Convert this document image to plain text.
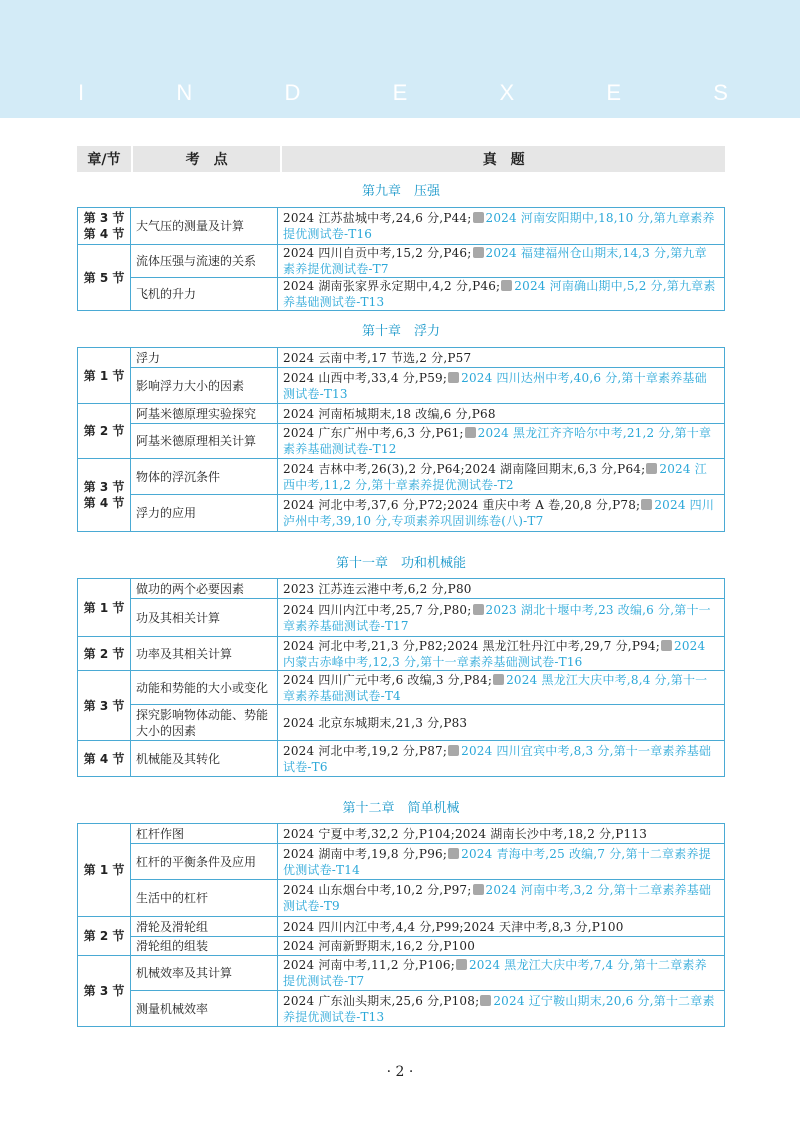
I	N	D	E	X	E	S
章/节	考　点	真　题
第九章　压强
第 3 节
第 4 节	大气压的测量及计算	2024 江苏盐城中考,24,6 分,P44; 2024 河南安阳期中,18,10 分,第九章素养提优测试卷-T16

第 5 节	流体压强与流速的关系	2024 四川自贡中考,15,2 分,P46; 2024 福建福州仓山期末,14,3 分,第九章素养提优测试卷-T7
	飞机的升力	2024 湖南张家界永定期中,4,2 分,P46; 2024 河南确山期中,5,2 分,第九章素养基础测试卷-T13
第十章　浮力
第 1 节	浮力	2024 云南中考,17 节选,2 分,P57
	影响浮力大小的因素	2024 山西中考,33,4 分,P59; 2024 四川达州中考,40,6 分,第十章素养基础测试卷-T13

第 2 节	阿基米德原理实验探究	2024 河南柘城期末,18 改编,6 分,P68
	阿基米德原理相关计算	2024 广东广州中考,6,3 分,P61; 2024 黑龙江齐齐哈尔中考,21,2 分,第十章素养基础测试卷-T12

第 3 节
第 4 节	物体的浮沉条件	2024 吉林中考,26(3),2 分,P64;2024 湖南隆回期末,6,3 分,P64; 2024 江西中考,11,2 分,第十章素养提优测试卷-T2
	浮力的应用	2024 河北中考,37,6 分,P72;2024 重庆中考 A 卷,20,8 分,P78; 2024 四川泸州中考,39,10 分,专项素养巩固训练卷(八)-T7
第十一章　功和机械能
第 1 节	做功的两个必要因素	2023 江苏连云港中考,6,2 分,P80
	功及其相关计算	2024 四川内江中考,25,7 分,P80; 2023 湖北十堰中考,23 改编,6 分,第十一章素养基础测试卷-T17

第 2 节	功率及其相关计算	2024 河北中考,21,3 分,P82;2024 黑龙江牡丹江中考,29,7 分,P94; 2024 内蒙古赤峰中考,12,3 分,第十一章素养基础测试卷-T16

第 3 节	动能和势能的大小或变化	2024 四川广元中考,6 改编,3 分,P84; 2024 黑龙江大庆中考,8,4 分,第十一章素养基础测试卷-T4
	探究影响物体动能、势能大小的因素	2024 北京东城期末,21,3 分,P83

第 4 节	机械能及其转化	2024 河北中考,19,2 分,P87; 2024 四川宜宾中考,8,3 分,第十一章素养基础试卷-T6
第十二章　简单机械
第 1 节	杠杆作图	2024 宁夏中考,32,2 分,P104;2024 湖南长沙中考,18,2 分,P113
	杠杆的平衡条件及应用	2024 湖南中考,19,8 分,P96; 2024 青海中考,25 改编,7 分,第十二章素养提优测试卷-T14
	生活中的杠杆	2024 山东烟台中考,10,2 分,P97; 2024 河南中考,3,2 分,第十二章素养基础测试卷-T9

第 2 节	滑轮及滑轮组	2024 四川内江中考,4,4 分,P99;2024 天津中考,8,3 分,P100
	滑轮组的组装	2024 河南新野期末,16,2 分,P100

第 3 节	机械效率及其计算	2024 河南中考,11,2 分,P106; 2024 黑龙江大庆中考,7,4 分,第十二章素养提优测试卷-T7
	测量机械效率	2024 广东汕头期末,25,6 分,P108; 2024 辽宁鞍山期末,20,6 分,第十二章素养提优测试卷-T13
· 2 ·
